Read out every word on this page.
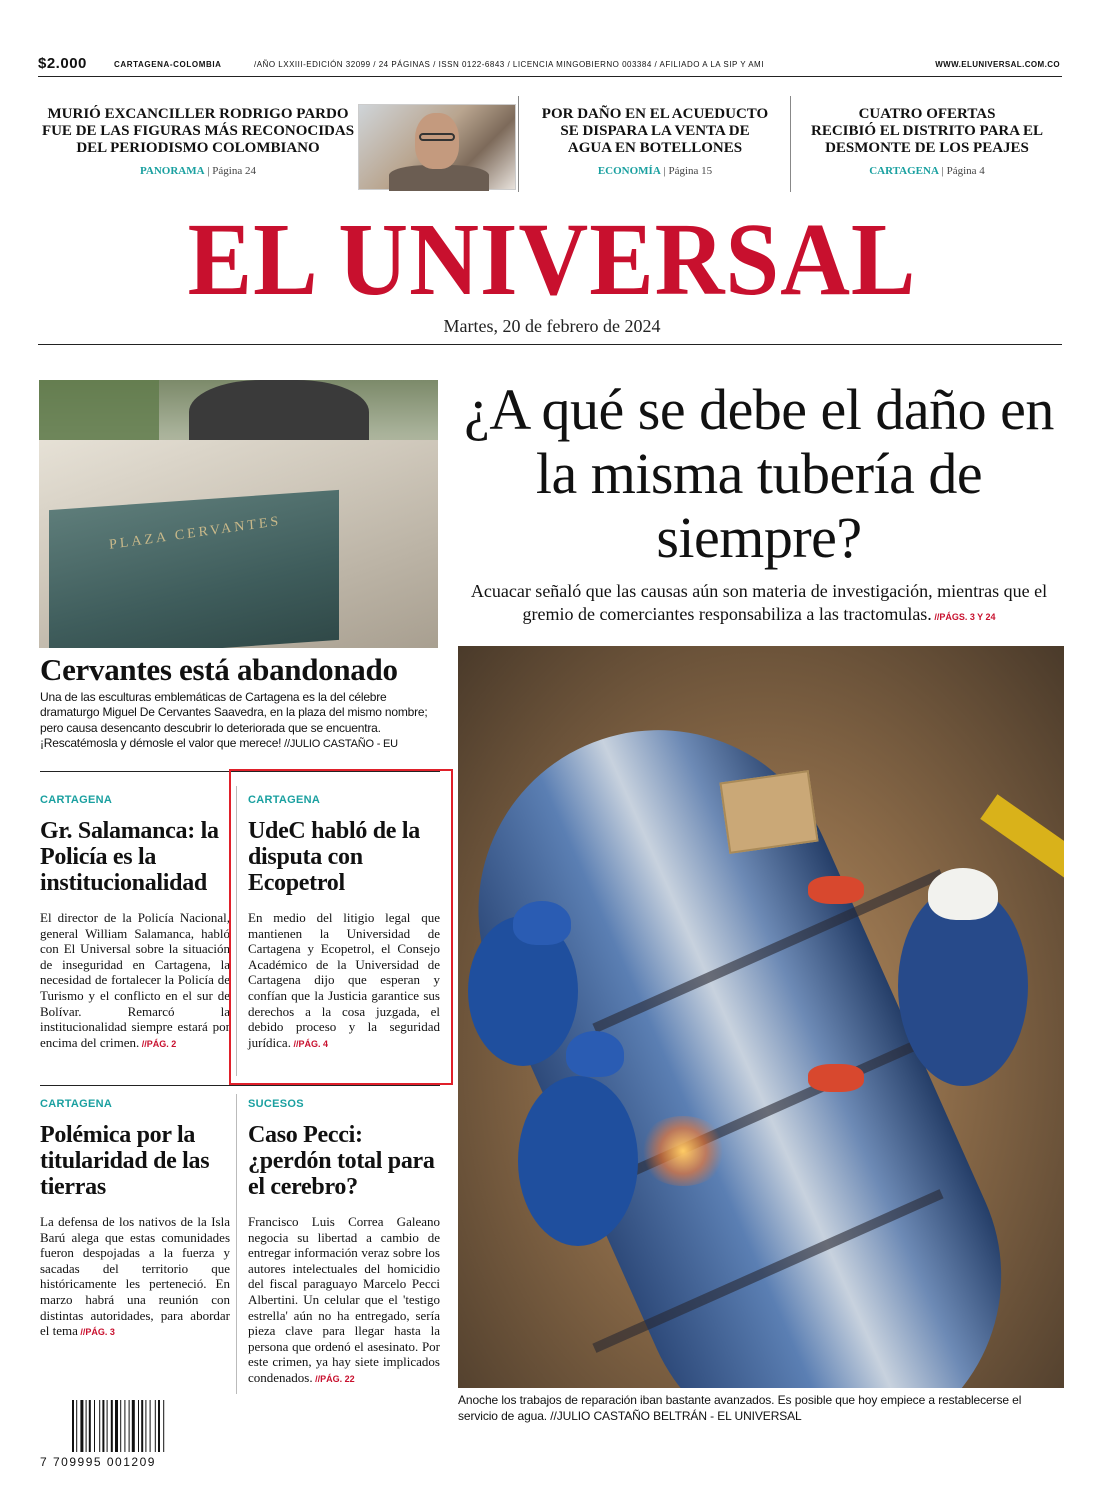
$2.000	CARTAGENA-COLOMBIA	/AÑO LXXIII-EDICIÓN 32099 / 24 PÁGINAS / ISSN 0122-6843 / LICENCIA MINGOBIERNO 003384 / AFILIADO A LA SIP Y AMI	WWW.ELUNIVERSAL.COM.CO
MURIÓ EXCANCILLER RODRIGO PARDO
FUE DE LAS FIGURAS MÁS RECONOCIDAS
DEL PERIODISMO COLOMBIANO
PANORAMA | Página 24
POR DAÑO EN EL ACUEDUCTO
SE DISPARA LA VENTA DE
AGUA EN BOTELLONES
ECONOMÍA | Página 15
CUATRO OFERTAS
RECIBIÓ EL DISTRITO PARA EL
DESMONTE DE LOS PEAJES
CARTAGENA | Página 4
EL UNIVERSAL
Martes, 20 de febrero de 2024
PLAZA CERVANTES
Cervantes está abandonado
Una de las esculturas emblemáticas de Cartagena es la del célebre dramaturgo Miguel De Cervantes Saavedra, en la plaza del mismo nombre; pero causa desencanto descubrir lo deteriorada que se encuentra. ¡Rescatémosla y démosle el valor que merece! //JULIO CASTAÑO - EU
CARTAGENA
Gr. Salamanca: la Policía es la institucionalidad
El director de la Policía Nacional, general William Salamanca, habló con El Universal sobre la situación de inseguridad en Cartagena, la necesidad de fortalecer la Policía de Turismo y el conflicto en el sur de Bolívar. Remarcó la institucionalidad siempre estará por encima del crimen. //PÁG. 2
CARTAGENA
UdeC habló de la disputa con Ecopetrol
En medio del litigio legal que mantienen la Universidad de Cartagena y Ecopetrol, el Consejo Académico de la Universidad de Cartagena dijo que esperan y confían que la Justicia garantice sus derechos a la cosa juzgada, el debido proceso y la seguridad jurídica. //PÁG. 4
CARTAGENA
Polémica por la titularidad de las tierras
La defensa de los nativos de la Isla Barú alega que estas comunidades fueron despojadas a la fuerza y sacadas del territorio que históricamente les perteneció. En marzo habrá una reunión con distintas autoridades, para abordar el tema //PÁG. 3
SUCESOS
Caso Pecci: ¿perdón total para el cerebro?
Francisco Luis Correa Galeano negocia su libertad a cambio de entregar información veraz sobre los autores intelectuales del homicidio del fiscal paraguayo Marcelo Pecci Albertini. Un celular que el 'testigo estrella' aún no ha entregado, sería pieza clave para llegar hasta la persona que ordenó el asesinato. Por este crimen, ya hay siete implicados condenados. //PÁG. 22
7 709995 001209
¿A qué se debe el daño en la misma tubería de siempre?
Acuacar señaló que las causas aún son materia de investigación, mientras que el gremio de comerciantes responsabiliza a las tractomulas. //PÁGS. 3 Y 24
Anoche los trabajos de reparación iban bastante avanzados. Es posible que hoy empiece a restablecerse el servicio de agua. //JULIO CASTAÑO BELTRÁN - EL UNIVERSAL
